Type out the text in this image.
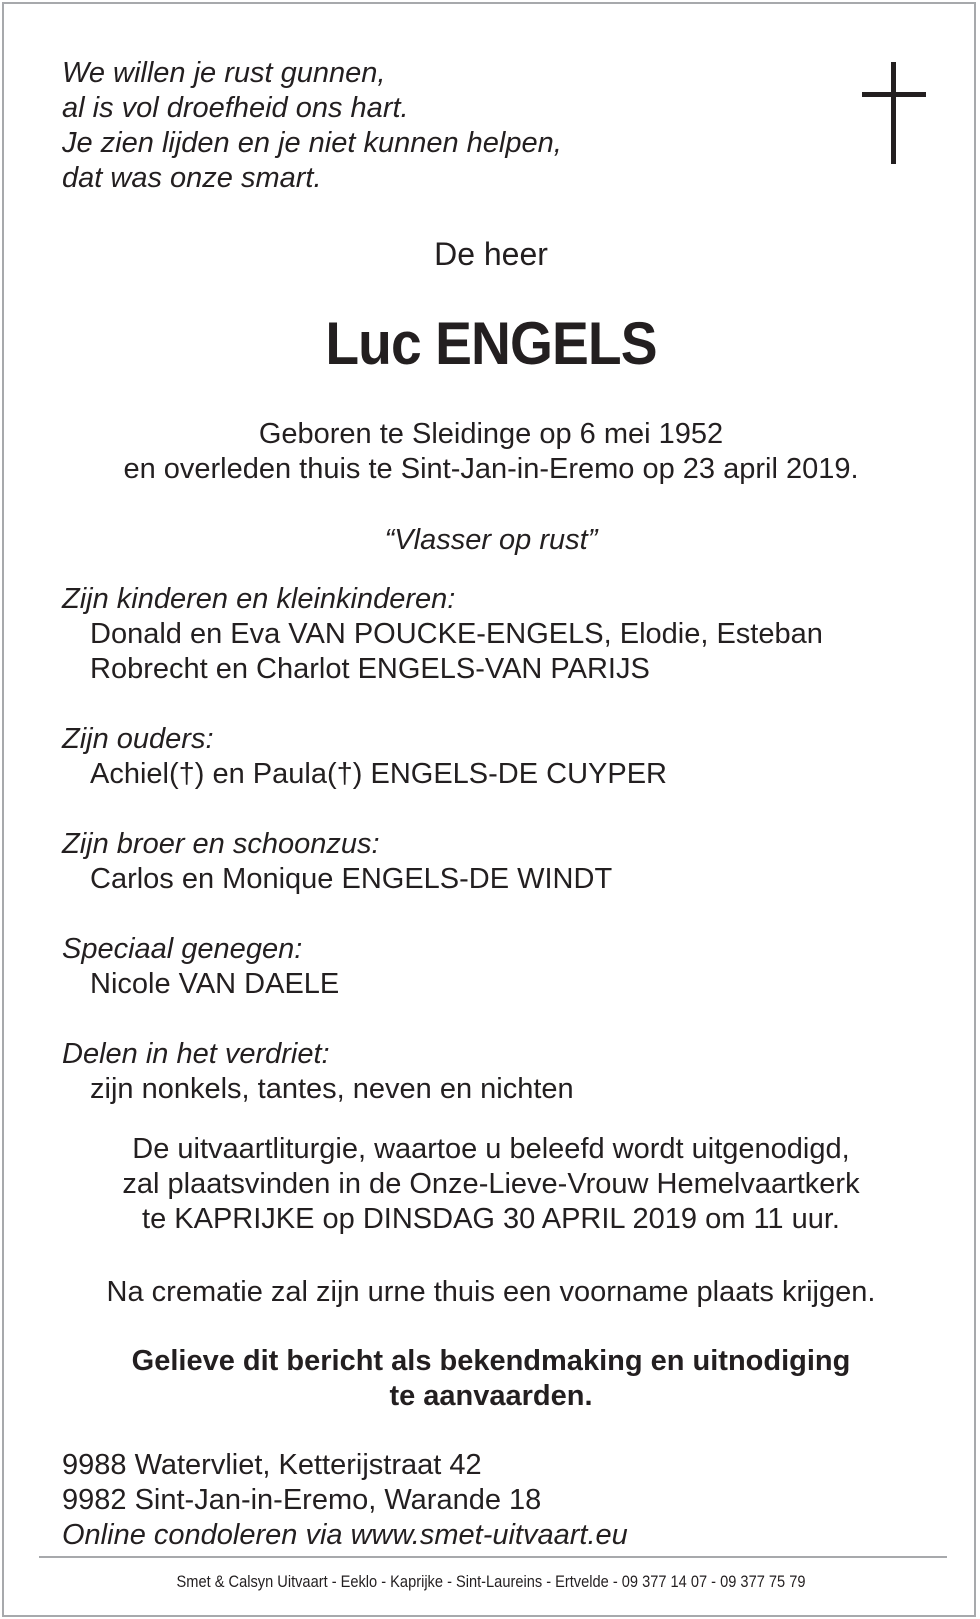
We willen je rust gunnen,
al is vol droefheid ons hart.
Je zien lijden en je niet kunnen helpen,
dat was onze smart.
De heer
Luc ENGELS
Geboren te Sleidinge op 6 mei 1952
en overleden thuis te Sint-Jan-in-Eremo op 23 april 2019.
“Vlasser op rust”
Zijn kinderen en kleinkinderen:
Donald en Eva VAN POUCKE-ENGELS, Elodie, Esteban
Robrecht en Charlot ENGELS-VAN PARIJS
Zijn ouders:
Achiel(†) en Paula(†) ENGELS-DE CUYPER
Zijn broer en schoonzus:
Carlos en Monique ENGELS-DE WINDT
Speciaal genegen:
Nicole VAN DAELE
Delen in het verdriet:
zijn nonkels, tantes, neven en nichten
De uitvaartliturgie, waartoe u beleefd wordt uitgenodigd,
zal plaatsvinden in de Onze-Lieve-Vrouw Hemelvaartkerk
te KAPRIJKE op DINSDAG 30 APRIL 2019 om 11 uur.
Na crematie zal zijn urne thuis een voorname plaats krijgen.
Gelieve dit bericht als bekendmaking en uitnodiging
te aanvaarden.
9988 Watervliet, Ketterijstraat 42
9982 Sint-Jan-in-Eremo, Warande 18
Online condoleren via www.smet-uitvaart.eu
Smet & Calsyn Uitvaart - Eeklo - Kaprijke - Sint-Laureins - Ertvelde - 09 377 14 07 - 09 377 75 79
